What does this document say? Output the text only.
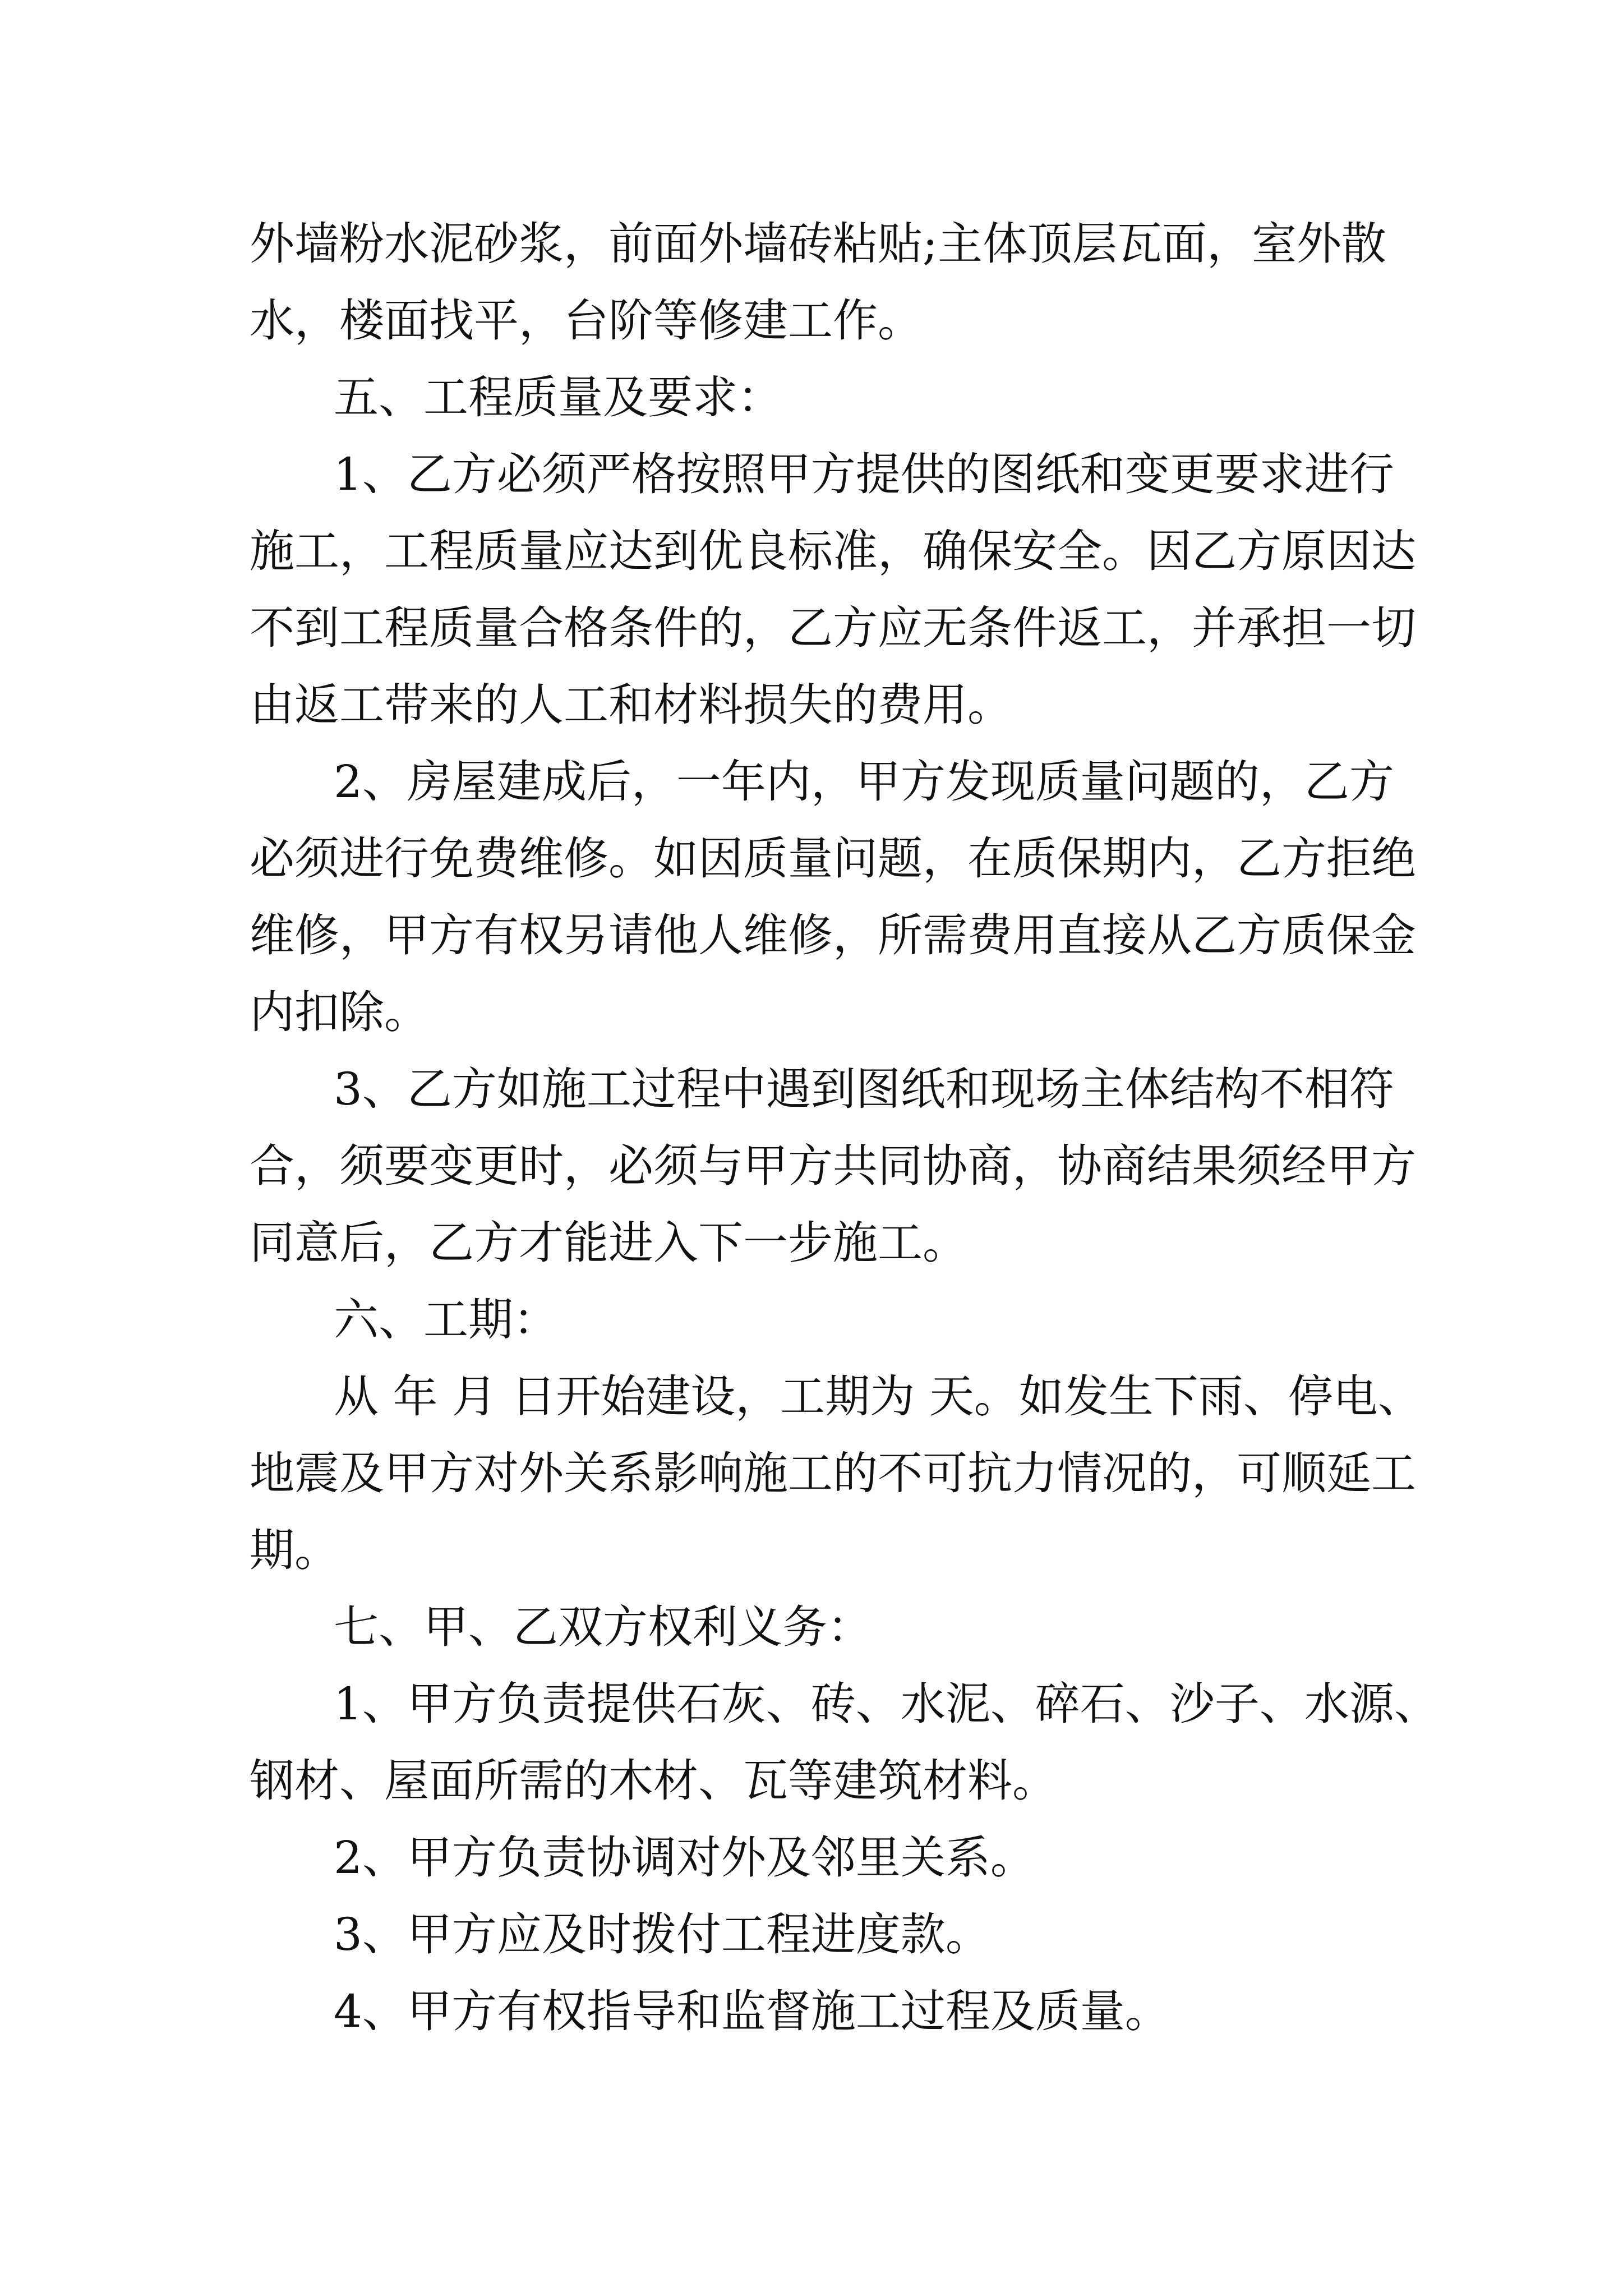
外墙粉水泥砂浆，前面外墙砖粘贴;主体顶层瓦面，室外散

水，楼面找平，台阶等修建工作。

五、工程质量及要求：

1、乙方必须严格按照甲方提供的图纸和变更要求进行

施工，工程质量应达到优良标准，确保安全。因乙方原因达

不到工程质量合格条件的，乙方应无条件返工，并承担一切

由返工带来的人工和材料损失的费用。

2、房屋建成后，一年内，甲方发现质量问题的，乙方

必须进行免费维修。如因质量问题，在质保期内，乙方拒绝

维修，甲方有权另请他人维修，所需费用直接从乙方质保金

内扣除。

3、乙方如施工过程中遇到图纸和现场主体结构不相符

合，须要变更时，必须与甲方共同协商，协商结果须经甲方

同意后，乙方才能进入下一步施工。

六、工期：

从 年 月 日开始建设，工期为 天。如发生下雨、停电、

地震及甲方对外关系影响施工的不可抗力情况的，可顺延工

期。

七、甲、乙双方权利义务：

1、甲方负责提供石灰、砖、水泥、碎石、沙子、水源、

钢材、屋面所需的木材、瓦等建筑材料。

2、甲方负责协调对外及邻里关系。

3、甲方应及时拨付工程进度款。

4、甲方有权指导和监督施工过程及质量。
